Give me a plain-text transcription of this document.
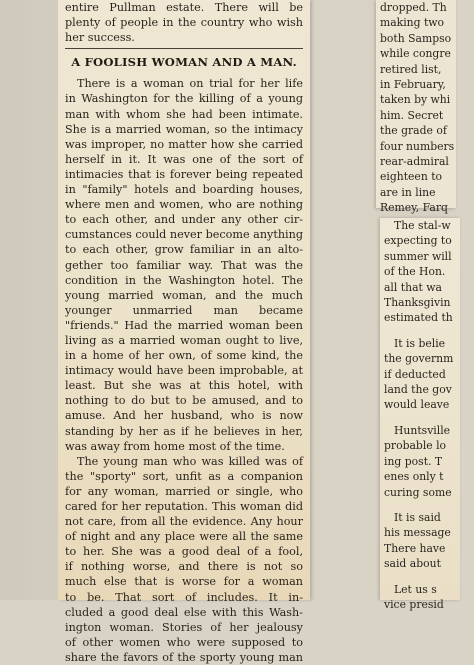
entire Pullman estate. There will be
plenty of people in the country who wish
her success.
A FOOLISH WOMAN AND A MAN.
There is a woman on trial for her life
in Washington for the killing of a young
man with whom she had been intimate.
She is a married woman, so the intimacy
was improper, no matter how she carried
herself in it. It was one of the sort of
intimacies that is forever being repeated
in "family" hotels and boarding houses,
where men and women, who are nothing
to each other, and under any other cir-
cumstances could never become anything
to each other, grow familiar in an alto-
gether too familiar way. That was the
condition in the Washington hotel. The
young married woman, and the much
younger unmarried man became
"friends." Had the married woman been
living as a married woman ought to live,
in a home of her own, of some kind, the
intimacy would have been improbable, at
least. But she was at this hotel, with
nothing to do but to be amused, and to
amuse. And her husband, who is now
standing by her as if he believes in her,
was away from home most of the time.
The young man who was killed was of
the "sporty" sort, unfit as a companion
for any woman, married or single, who
cared for her reputation. This woman did
not care, from all the evidence. Any hour
of night and any place were all the same
to her. She was a good deal of a fool,
if nothing worse, and there is not so
much else that is worse for a woman
to be. That sort of includes. It in-
cluded a good deal else with this Wash-
ington woman. Stories of her jealousy
of other women who were supposed to
share the favors of the sporty young man
dropped. Th
making two
both Sampso
while congre
retired list,
in February,
taken by whi
him. Secret
the grade of
four numbers
rear-admiral
eighteen to
are in line
Remey, Farq
The stal-w
expecting to
summer will
of the Hon.
all that wa
Thanksgivin
estimated th
It is belie
the governm
if deducted
land the gov
would leave
Huntsville
probable lo
ing post. T
enes only t
curing some
It is said
his message
There have
said about
Let us s
vice presid
